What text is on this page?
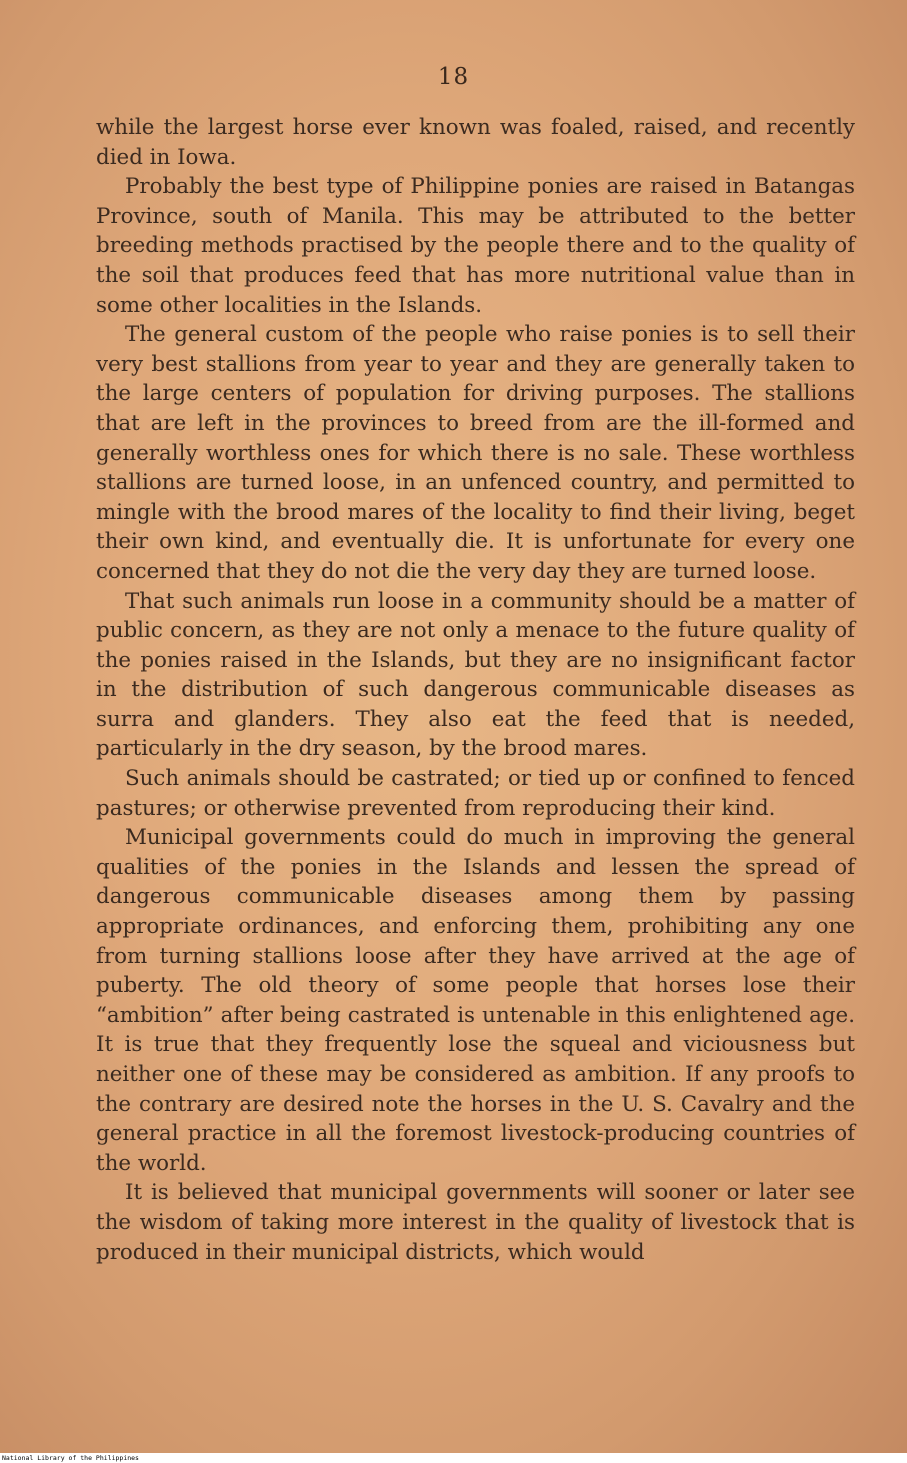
18

while the largest horse ever known was foaled, raised, and recently died in Iowa.

Probably the best type of Philippine ponies are raised in Batangas Province, south of Manila. This may be attributed to the better breeding methods practised by the people there and to the quality of the soil that produces feed that has more nutritional value than in some other localities in the Islands.

The general custom of the people who raise ponies is to sell their very best stallions from year to year and they are generally taken to the large centers of population for driving purposes. The stallions that are left in the provinces to breed from are the ill-formed and generally worthless ones for which there is no sale. These worthless stallions are turned loose, in an unfenced country, and permitted to mingle with the brood mares of the locality to find their living, beget their own kind, and eventually die. It is unfortunate for every one concerned that they do not die the very day they are turned loose.

That such animals run loose in a community should be a matter of public concern, as they are not only a menace to the future quality of the ponies raised in the Islands, but they are no insignificant factor in the distribution of such dangerous communicable diseases as surra and glanders. They also eat the feed that is needed, particularly in the dry season, by the brood mares.

Such animals should be castrated; or tied up or confined to fenced pastures; or otherwise prevented from reproducing their kind.

Municipal governments could do much in improving the general qualities of the ponies in the Islands and lessen the spread of dangerous communicable diseases among them by passing appropriate ordinances, and enforcing them, prohibiting any one from turning stallions loose after they have arrived at the age of puberty. The old theory of some people that horses lose their “ambition” after being castrated is untenable in this enlightened age. It is true that they frequently lose the squeal and viciousness but neither one of these may be considered as ambition. If any proofs to the contrary are desired note the horses in the U. S. Cavalry and the general practice in all the foremost livestock-producing countries of the world.

It is believed that municipal governments will sooner or later see the wisdom of taking more interest in the quality of livestock that is produced in their municipal districts, which would

National Library of the Philippines
